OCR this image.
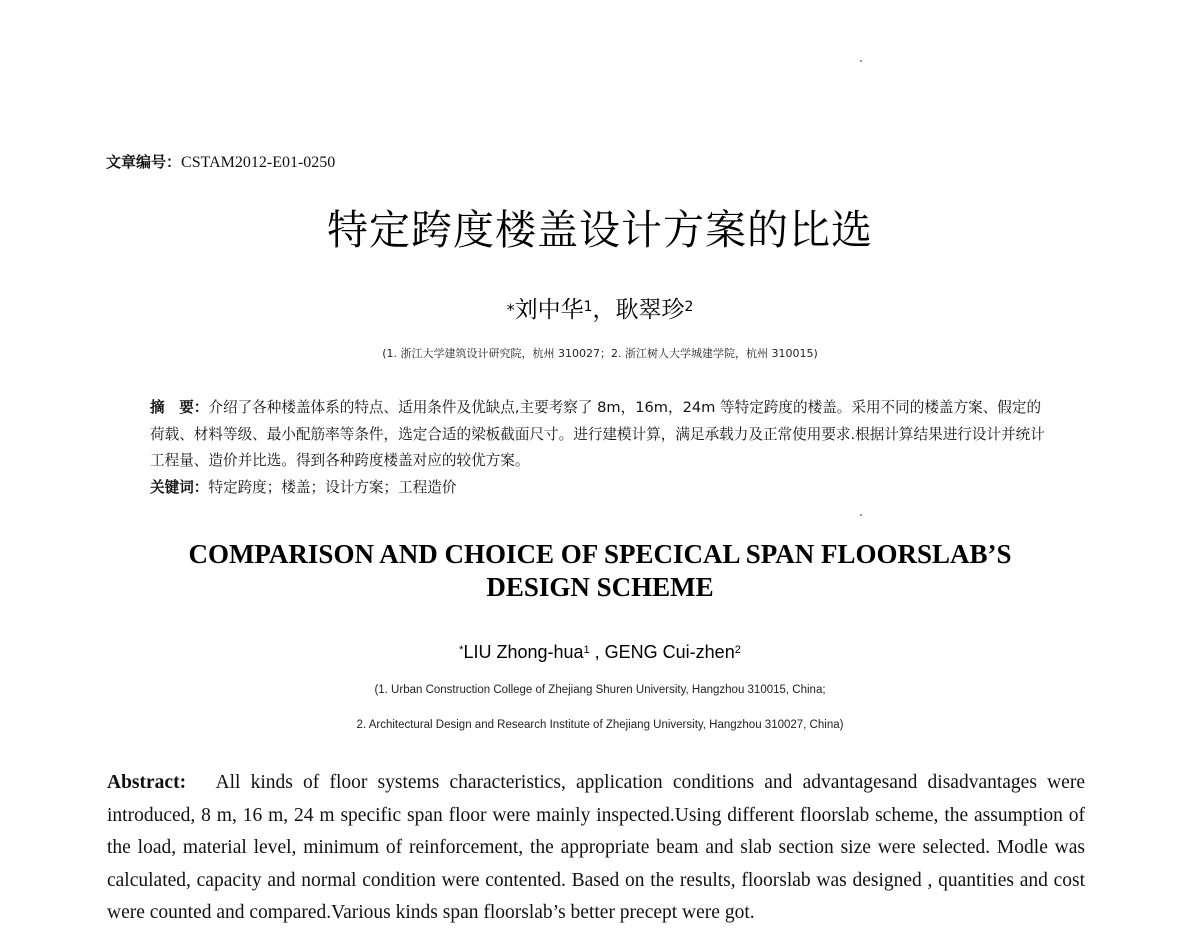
文章编号：CSTAM2012-E01-0250
特定跨度楼盖设计方案的比选
*刘中华$^1$，耿翠珍$^2$
(1. 浙江大学建筑设计研究院，杭州 310027；2. 浙江树人大学城建学院，杭州 310015)
摘　要：介绍了各种楼盖体系的特点、适用条件及优缺点,主要考察了 8m，16m，24m 等特定跨度的楼盖。采用不同的楼盖方案、假定的荷载、材料等级、最小配筋率等条件，选定合适的梁板截面尺寸。进行建模计算，满足承载力及正常使用要求.根据计算结果进行设计并统计工程量、造价并比选。得到各种跨度楼盖对应的较优方案。
关键词：特定跨度；楼盖；设计方案；工程造价
COMPARISON AND CHOICE OF SPECICAL SPAN FLOORSLAB’S
DESIGN SCHEME
*LIU Zhong-hua$^1$ , GENG Cui-zhen$^2$
(1. Urban Construction College of Zhejiang Shuren University, Hangzhou 310015, China;
2. Architectural Design and Research Institute of Zhejiang University, Hangzhou 310027, China)
Abstract: All kinds of floor systems characteristics, application conditions and advantagesand disadvantages were introduced, 8 m, 16 m, 24 m specific span floor were mainly inspected.Using different floorslab scheme, the assumption of the load, material level, minimum of reinforcement, the appropriate beam and slab section size were selected. Modle was calculated, capacity and normal condition were contented. Based on the results, floorslab was designed , quantities and cost were counted and compared.Various kinds span floorslab’s better precept were got.
